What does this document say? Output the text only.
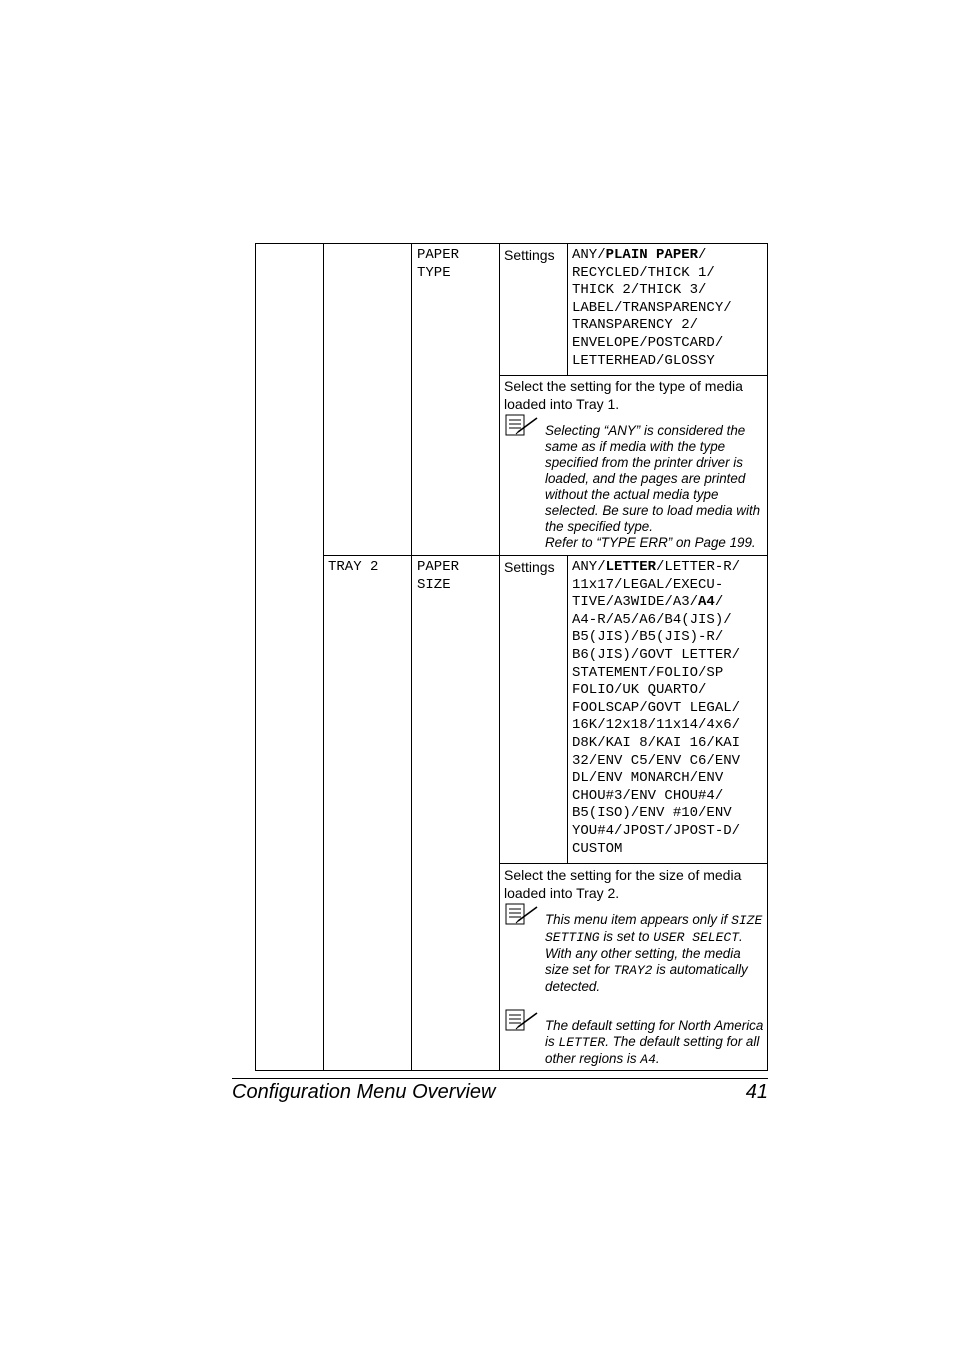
PAPER
TYPE
Settings ANY/PLAIN PAPER/
RECYCLED/THICK 1/
THICK 2/THICK 3/
LABEL/TRANSPARENCY/
TRANSPARENCY 2/
ENVELOPE/POSTCARD/
LETTERHEAD/GLOSSY
Select the setting for the type of media loaded into Tray 1.
Selecting “ANY” is considered the same as if media with the type specified from the printer driver is loaded, and the pages are printed without the actual media type selected. Be sure to load media with the specified type.
Refer to “TYPE ERR” on Page 199.
TRAY 2	PAPER
SIZE
Settings ANY/LETTER/LETTER-R/
11x17/LEGAL/EXECU-
TIVE/A3WIDE/A3/A4/
A4-R/A5/A6/B4(JIS)/
B5(JIS)/B5(JIS)-R/
B6(JIS)/GOVT LETTER/
STATEMENT/FOLIO/SP
FOLIO/UK QUARTO/
FOOLSCAP/GOVT LEGAL/
16K/12x18/11x14/4x6/
D8K/KAI 8/KAI 16/KAI
32/ENV C5/ENV C6/ENV
DL/ENV MONARCH/ENV
CHOU#3/ENV CHOU#4/
B5(ISO)/ENV #10/ENV
YOU#4/JPOST/JPOST-D/
CUSTOM
Select the setting for the size of media loaded into Tray 2.
This menu item appears only if SIZE SETTING is set to USER SELECT.
With any other setting, the media size set for TRAY2 is automatically detected.
The default setting for North America is LETTER. The default setting for all other regions is A4.
Configuration Menu Overview	41
